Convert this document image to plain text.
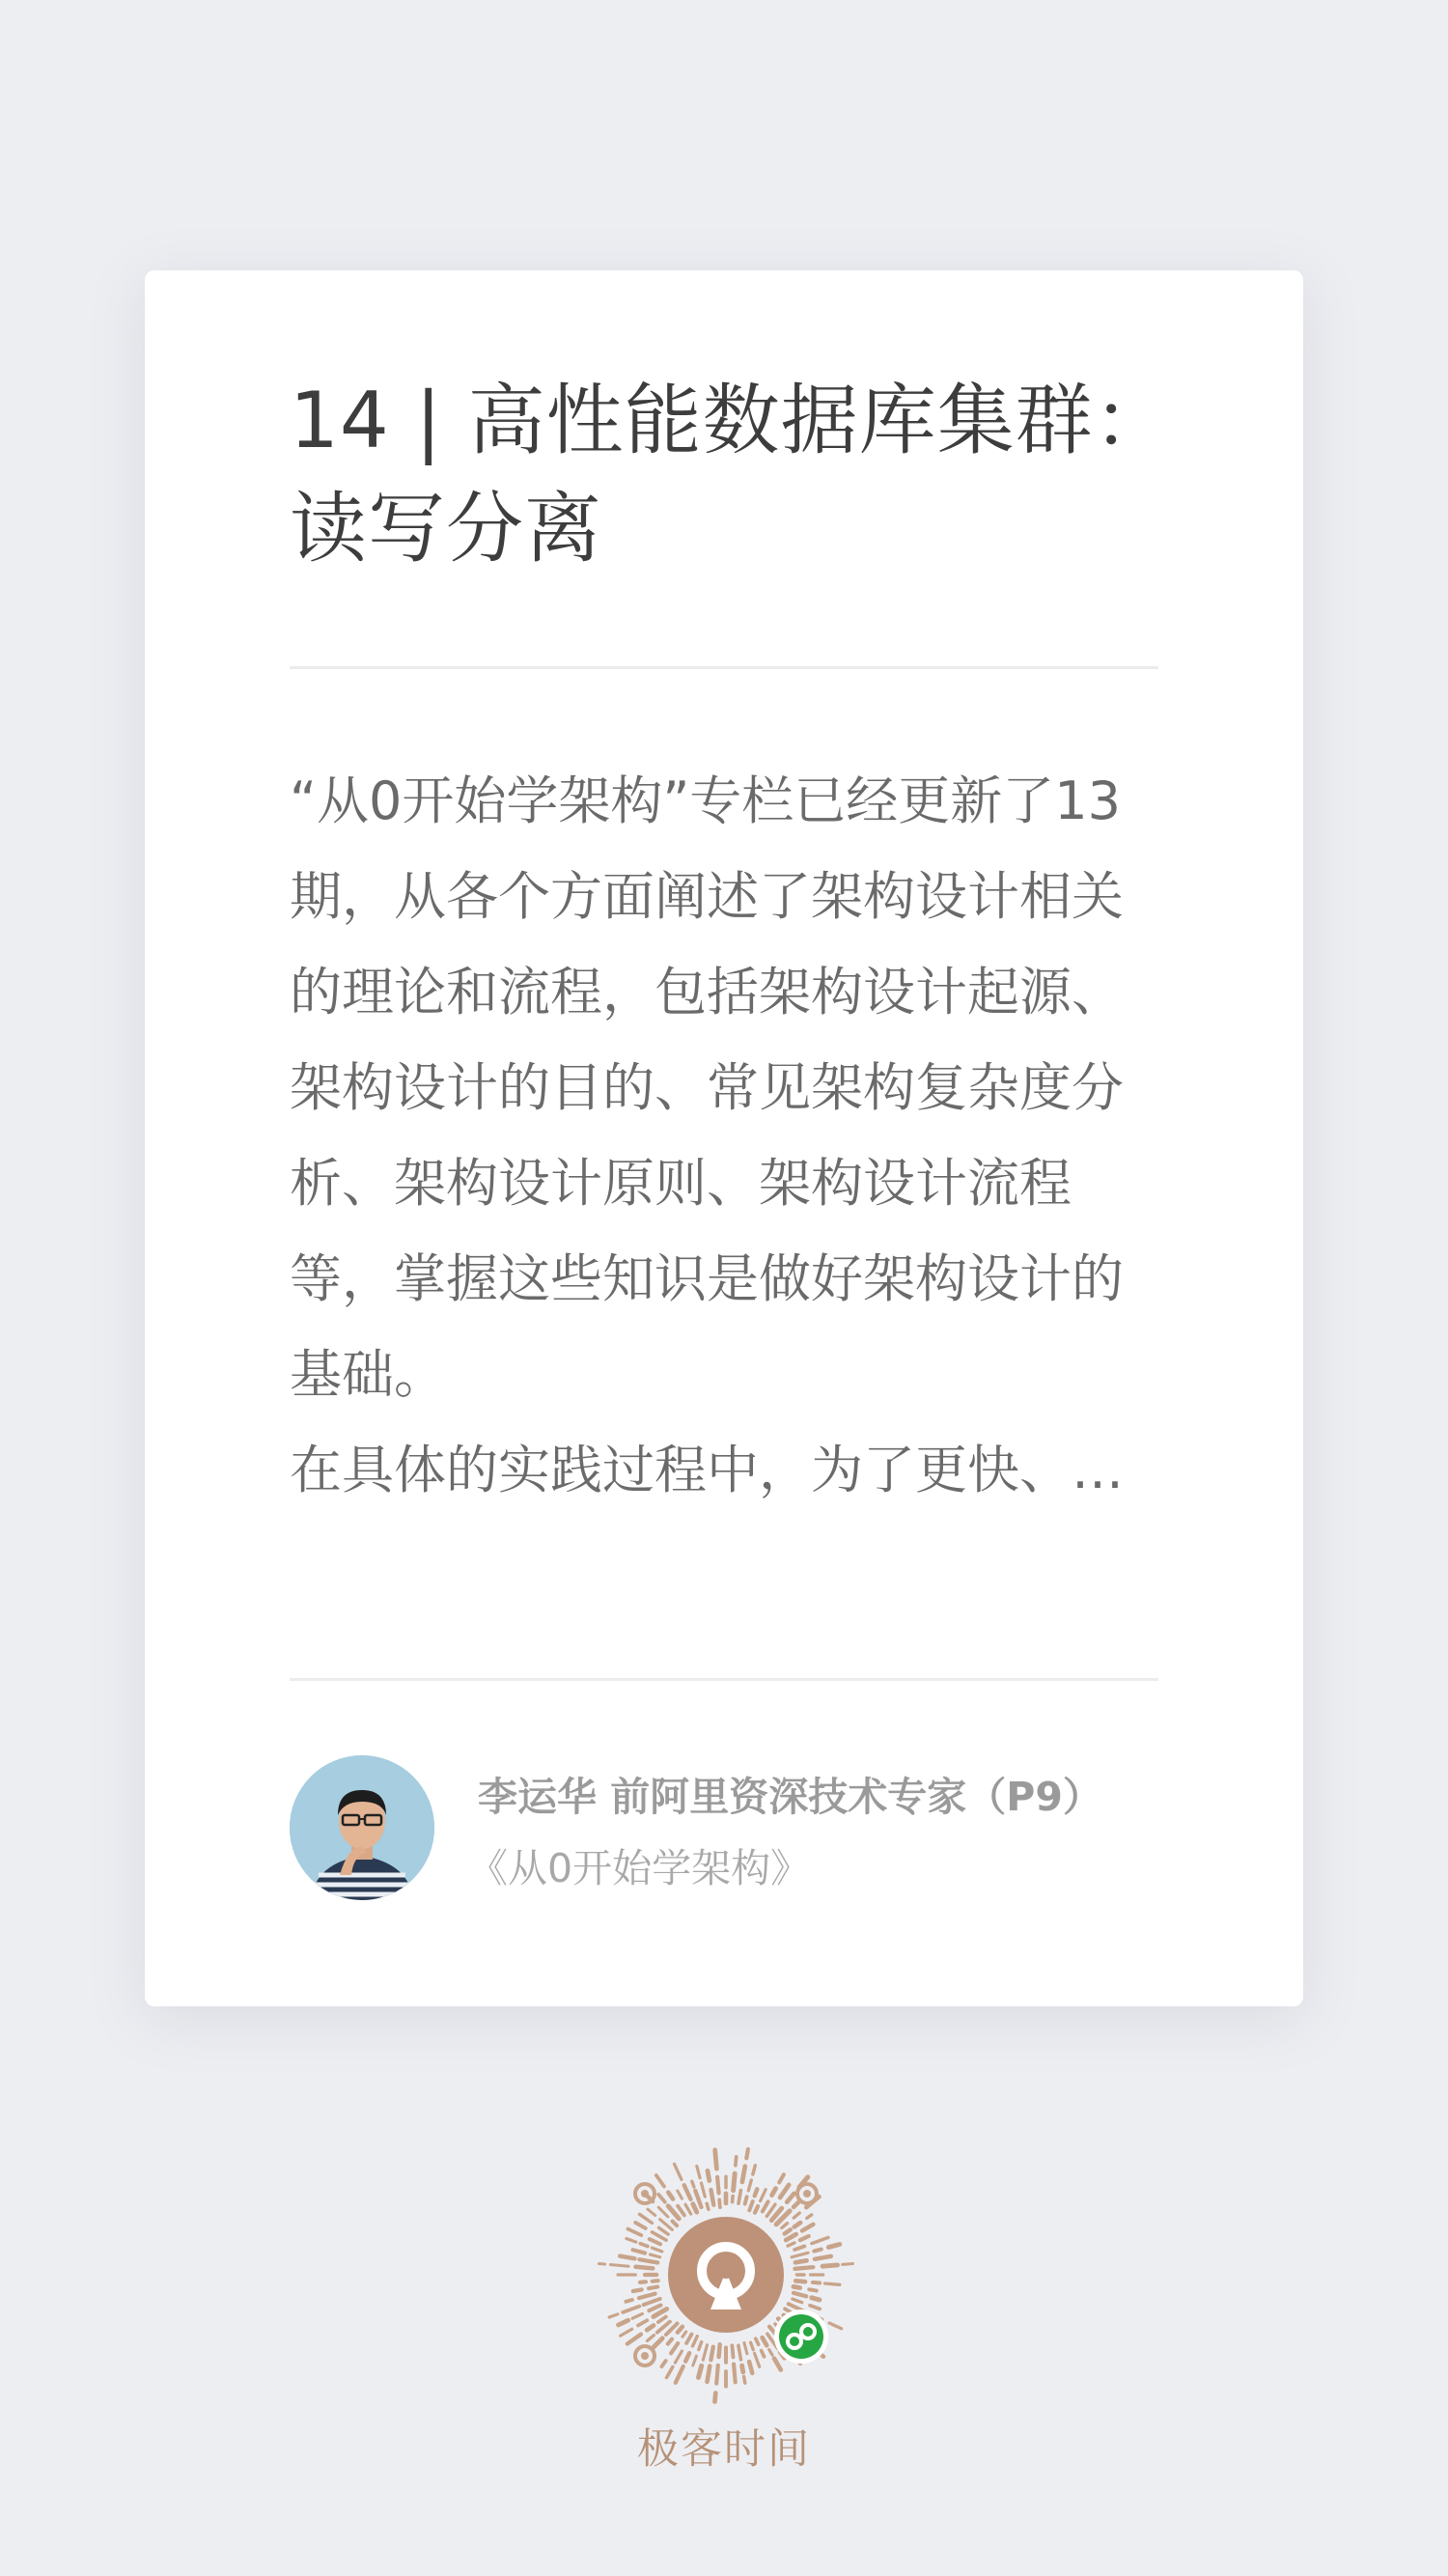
14 | 高性能数据库集群：读写分离

“从0开始学架构”专栏已经更新了13期，从各个方面阐述了架构设计相关的理论和流程，包括架构设计起源、架构设计的目的、常见架构复杂度分析、架构设计原则、架构设计流程等，掌握这些知识是做好架构设计的基础。

在具体的实践过程中，为了更快、…

李运华 前阿里资深技术专家（P9）
《从0开始学架构》
极客时间
